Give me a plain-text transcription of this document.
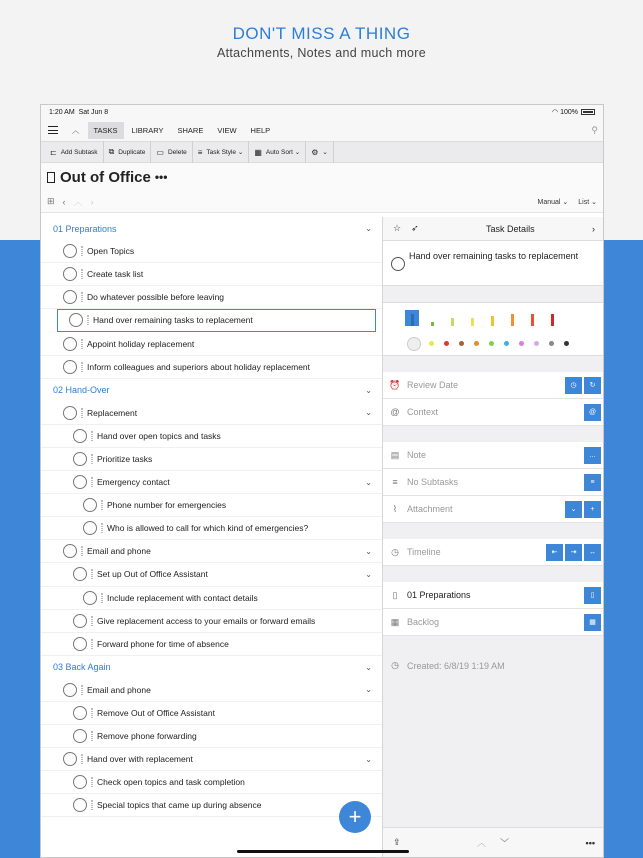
DON'T MISS A THING
Attachments, Notes and much more
1:20 AM
Sat Jun 8	◠
100%
︿	TASKS	LIBRARY	SHARE	VIEW	HELP	⚲
⊏ Add Subtask ⧉ Duplicate ▭ Delete ≡ Task Style ⌄	▦ Auto Sort ⌄	⚙ ⌄
Out of Office •••
⊞ ‹ ︿ ›	Manual ⌄ List ⌄
01 Preparations	⌄
Open Topics
Create task list
Do whatever possible before leaving
Hand over remaining tasks to replacement
Appoint holiday replacement
Inform colleagues and superiors about holiday replacement
02 Hand-Over	⌄
Replacement	⌄
Hand over open topics and tasks
Prioritize tasks
Emergency contact	⌄
Phone number for emergencies
Who is allowed to call for which kind of emergencies?
Email and phone	⌄
Set up Out of Office Assistant	⌄
Include replacement with contact details
Give replacement access to your emails or forward emails
Forward phone for time of absence
03 Back Again	⌄
Email and phone	⌄
Remove Out of Office Assistant
Remove phone forwarding
Hand over with replacement	⌄
Check open topics and task completion
Special topics that came up during absence	+
☆ ➶	Task Details	›
Hand over remaining tasks to replacement
⏰ Review Date	◷	↻
@ Context	@
▤ Note	…
≡	No Subtasks	≡
⌇	Attachment	⌄	+
◷ Timeline	⇤	⇥	↔
▯	01 Preparations	▯
▦ Backlog	▦
◷ Created: 6/8/19 1:19 AM
⇪	︿ ﹀	•••
